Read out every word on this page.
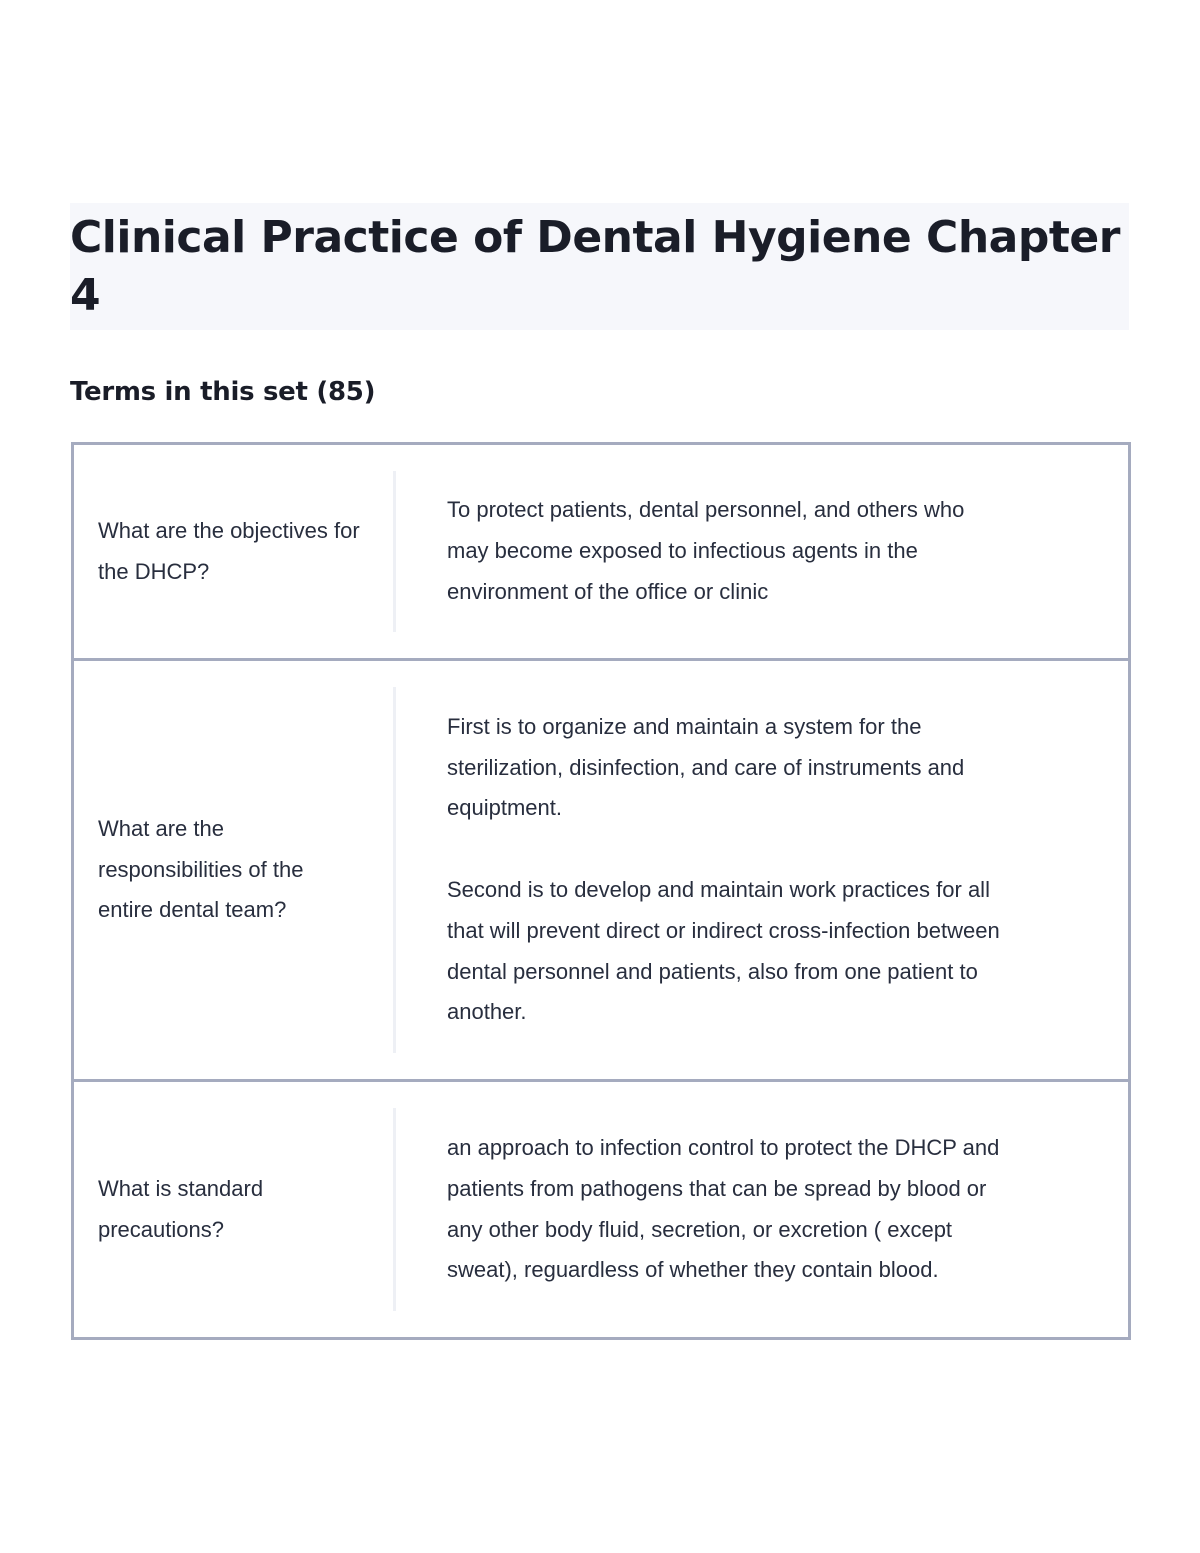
Clinical Practice of Dental Hygiene Chapter 4
Terms in this set (85)
What are the objectives for the DHCP?
To protect patients, dental personnel, and others who may become exposed to infectious agents in the environment of the office or clinic
What are the responsibilities of the entire dental team?
First is to organize and maintain a system for the sterilization, disinfection, and care of instruments and equiptment.

Second is to develop and maintain work practices for all that will prevent direct or indirect cross-infection between dental personnel and patients, also from one patient to another.
What is standard precautions?
an approach to infection control to protect the DHCP and patients from pathogens that can be spread by blood or any other body fluid, secretion, or excretion ( except sweat), reguardless of whether they contain blood.
